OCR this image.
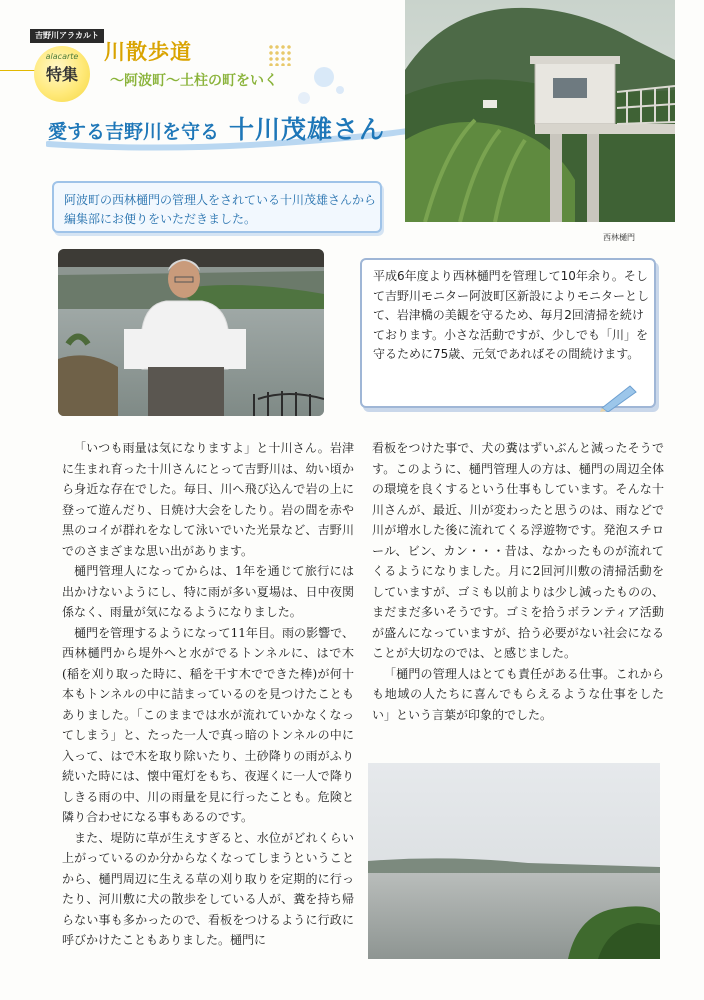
吉野川アラカルト
alacarte
特集
川散歩道
〜阿波町〜土柱の町をいく
愛する吉野川を守る 十川茂雄さん
阿波町の西林樋門の管理人をされている十川茂雄さんから編集部にお便りをいただきました。
西林樋門
平成6年度より西林樋門を管理して10年余り。そして吉野川モニター阿波町区新設によりモニターとして、岩津橋の美観を守るため、毎月2回清掃を続けております。小さな活動ですが、少しでも「川」を守るために75歳、元気であればその間続けます。

「いつも雨量は気になりますよ」と十川さん。岩津に生まれ育った十川さんにとって吉野川は、幼い頃から身近な存在でした。毎日、川へ飛び込んで岩の上に登って遊んだり、日焼け大会をしたり。岩の間を赤や黒のコイが群れをなして泳いでいた光景など、吉野川でのさまざまな思い出があります。

樋門管理人になってからは、1年を通じて旅行には出かけないようにし、特に雨が多い夏場は、日中夜関係なく、雨量が気になるようになりました。

樋門を管理するようになって11年目。雨の影響で、西林樋門から堤外へと水がでるトンネルに、はで木(稲を刈り取った時に、稲を干す木でできた棒)が何十本もトンネルの中に詰まっているのを見つけたこともありました。「このままでは水が流れていかなくなってしまう」と、たった一人で真っ暗のトンネルの中に入って、はで木を取り除いたり、土砂降りの雨がふり続いた時には、懐中電灯をもち、夜遅くに一人で降りしきる雨の中、川の雨量を見に行ったことも。危険と隣り合わせになる事もあるのです。

また、堤防に草が生えすぎると、水位がどれくらい上がっているのか分からなくなってしまうということから、樋門周辺に生える草の刈り取りを定期的に行ったり、河川敷に犬の散歩をしている人が、糞を持ち帰らない事も多かったので、看板をつけるように行政に呼びかけたこともありました。樋門に

看板をつけた事で、犬の糞はずいぶんと減ったそうです。このように、樋門管理人の方は、樋門の周辺全体の環境を良くするという仕事もしています。そんな十川さんが、最近、川が変わったと思うのは、雨などで川が増水した後に流れてくる浮遊物です。発泡スチロール、ビン、カン・・・昔は、なかったものが流れてくるようになりました。月に2回河川敷の清掃活動をしていますが、ゴミも以前よりは少し減ったものの、まだまだ多いそうです。ゴミを拾うボランティア活動が盛んになっていますが、拾う必要がない社会になることが大切なのでは、と感じました。

「樋門の管理人はとても責任がある仕事。これからも地域の人たちに喜んでもらえるような仕事をしたい」という言葉が印象的でした。
